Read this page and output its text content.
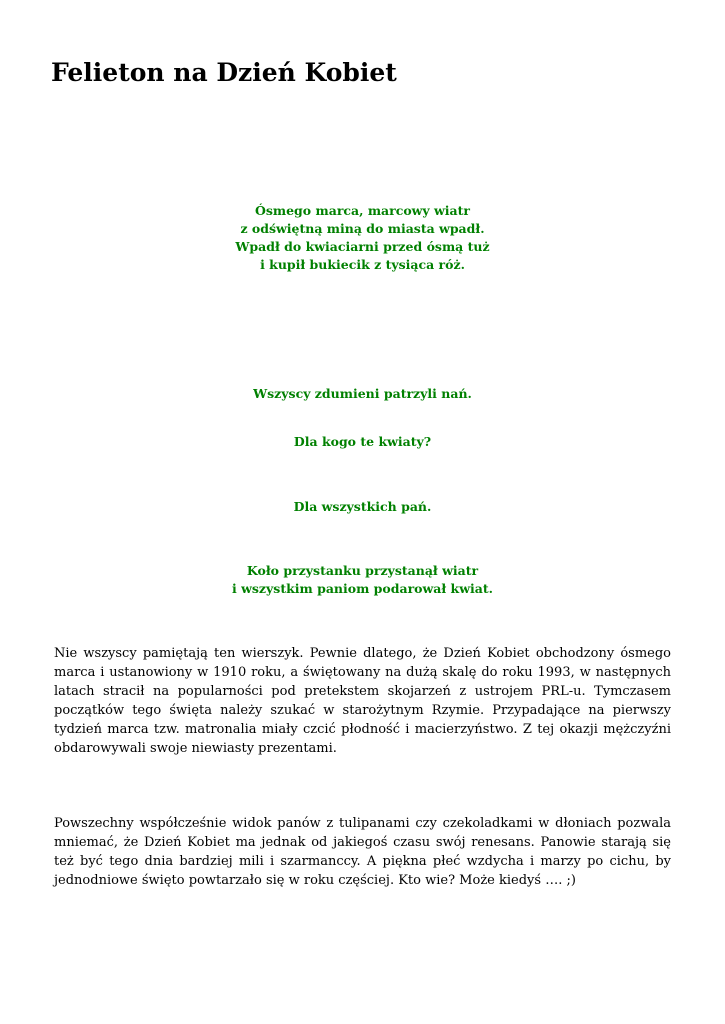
Felieton na Dzień Kobiet
Ósmego marca, marcowy wiatr
z odświętną miną do miasta wpadł.
Wpadł do kwiaciarni przed ósmą tuż
i kupił bukiecik z tysiąca róż.
Wszyscy zdumieni patrzyli nań.
Dla kogo te kwiaty?
Dla wszystkich pań.
Koło przystanku przystanął wiatr
i wszystkim paniom podarował kwiat.

Nie wszyscy pamiętają ten wierszyk. Pewnie dlatego, że Dzień Kobiet obchodzony ósmego marca i ustanowiony w 1910 roku, a świętowany na dużą skalę do roku 1993, w następnych latach stracił na popularności pod pretekstem skojarzeń z ustrojem PRL-u. Tymczasem początków tego święta należy szukać w starożytnym Rzymie. Przypadające na pierwszy tydzień marca tzw. matronalia miały czcić płodność i macierzyństwo. Z tej okazji mężczyźni obdarowywali swoje niewiasty prezentami.

Powszechny współcześnie widok panów z tulipanami czy czekoladkami w dłoniach pozwala mniemać, że Dzień Kobiet ma jednak od jakiegoś czasu swój renesans. Panowie starają się też być tego dnia bardziej mili i szarmanccy. A piękna płeć wzdycha i marzy po cichu, by jednodniowe święto powtarzało się w roku częściej. Kto wie? Może kiedyś …. ;)
